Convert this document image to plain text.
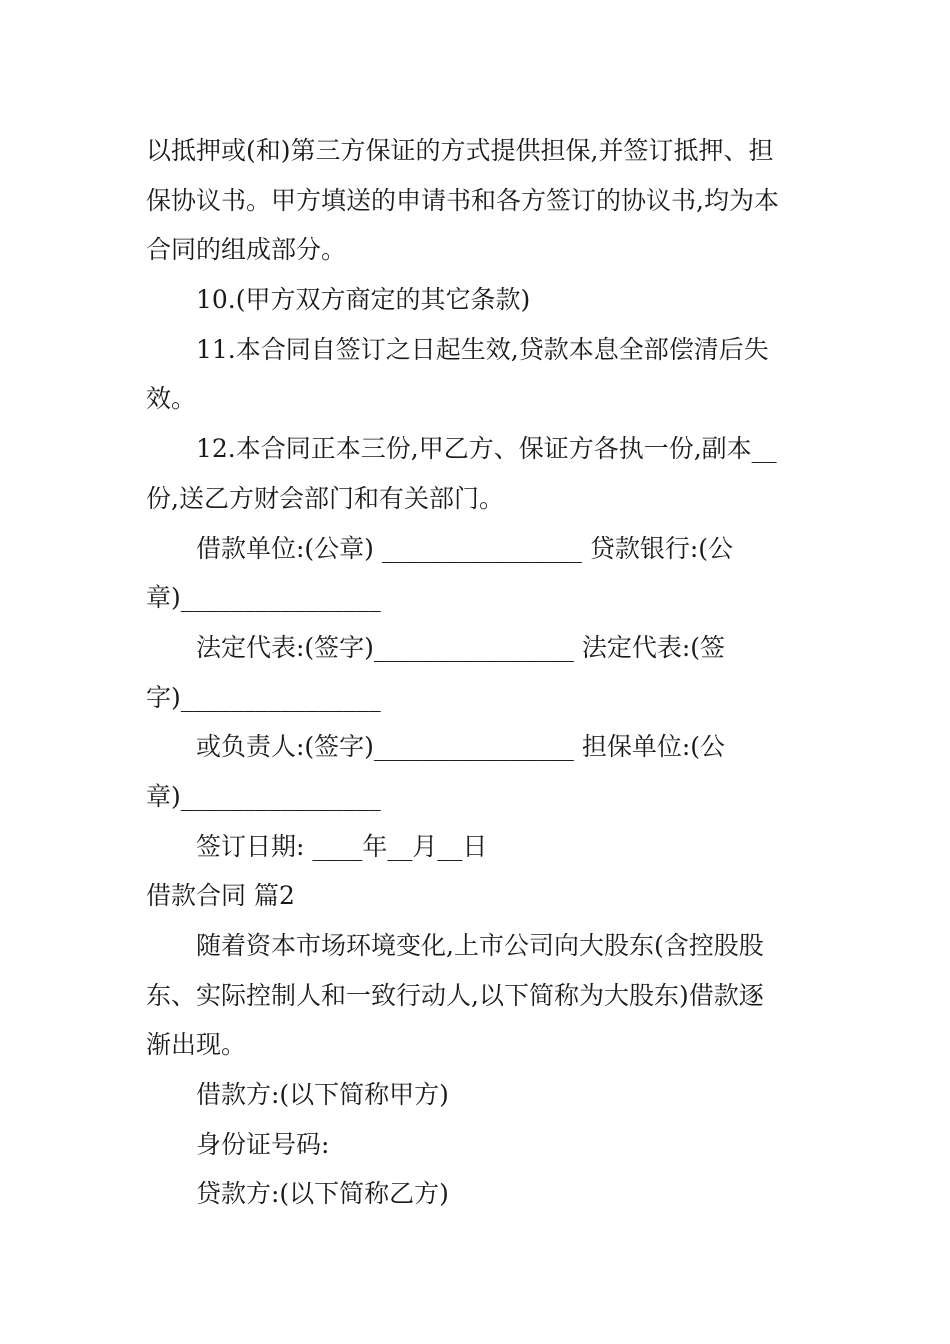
以抵押或(和)第三方保证的方式提供担保,并签订抵押、担
保协议书。甲方填送的申请书和各方签订的协议书,均为本
合同的组成部分。
10.(甲方双方商定的其它条款)
11.本合同自签订之日起生效,贷款本息全部偿清后失
效。
12.本合同正本三份,甲乙方、保证方各执一份,副本__
份,送乙方财会部门和有关部门。
借款单位:(公章) ________________ 贷款银行:(公
章)________________
法定代表:(签字)________________ 法定代表:(签
字)________________
或负责人:(签字)________________ 担保单位:(公
章)________________
签订日期: ____年__月__日
借款合同 篇2
随着资本市场环境变化,上市公司向大股东(含控股股
东、实际控制人和一致行动人,以下简称为大股东)借款逐
渐出现。
借款方:(以下简称甲方)
身份证号码:
贷款方:(以下简称乙方)
